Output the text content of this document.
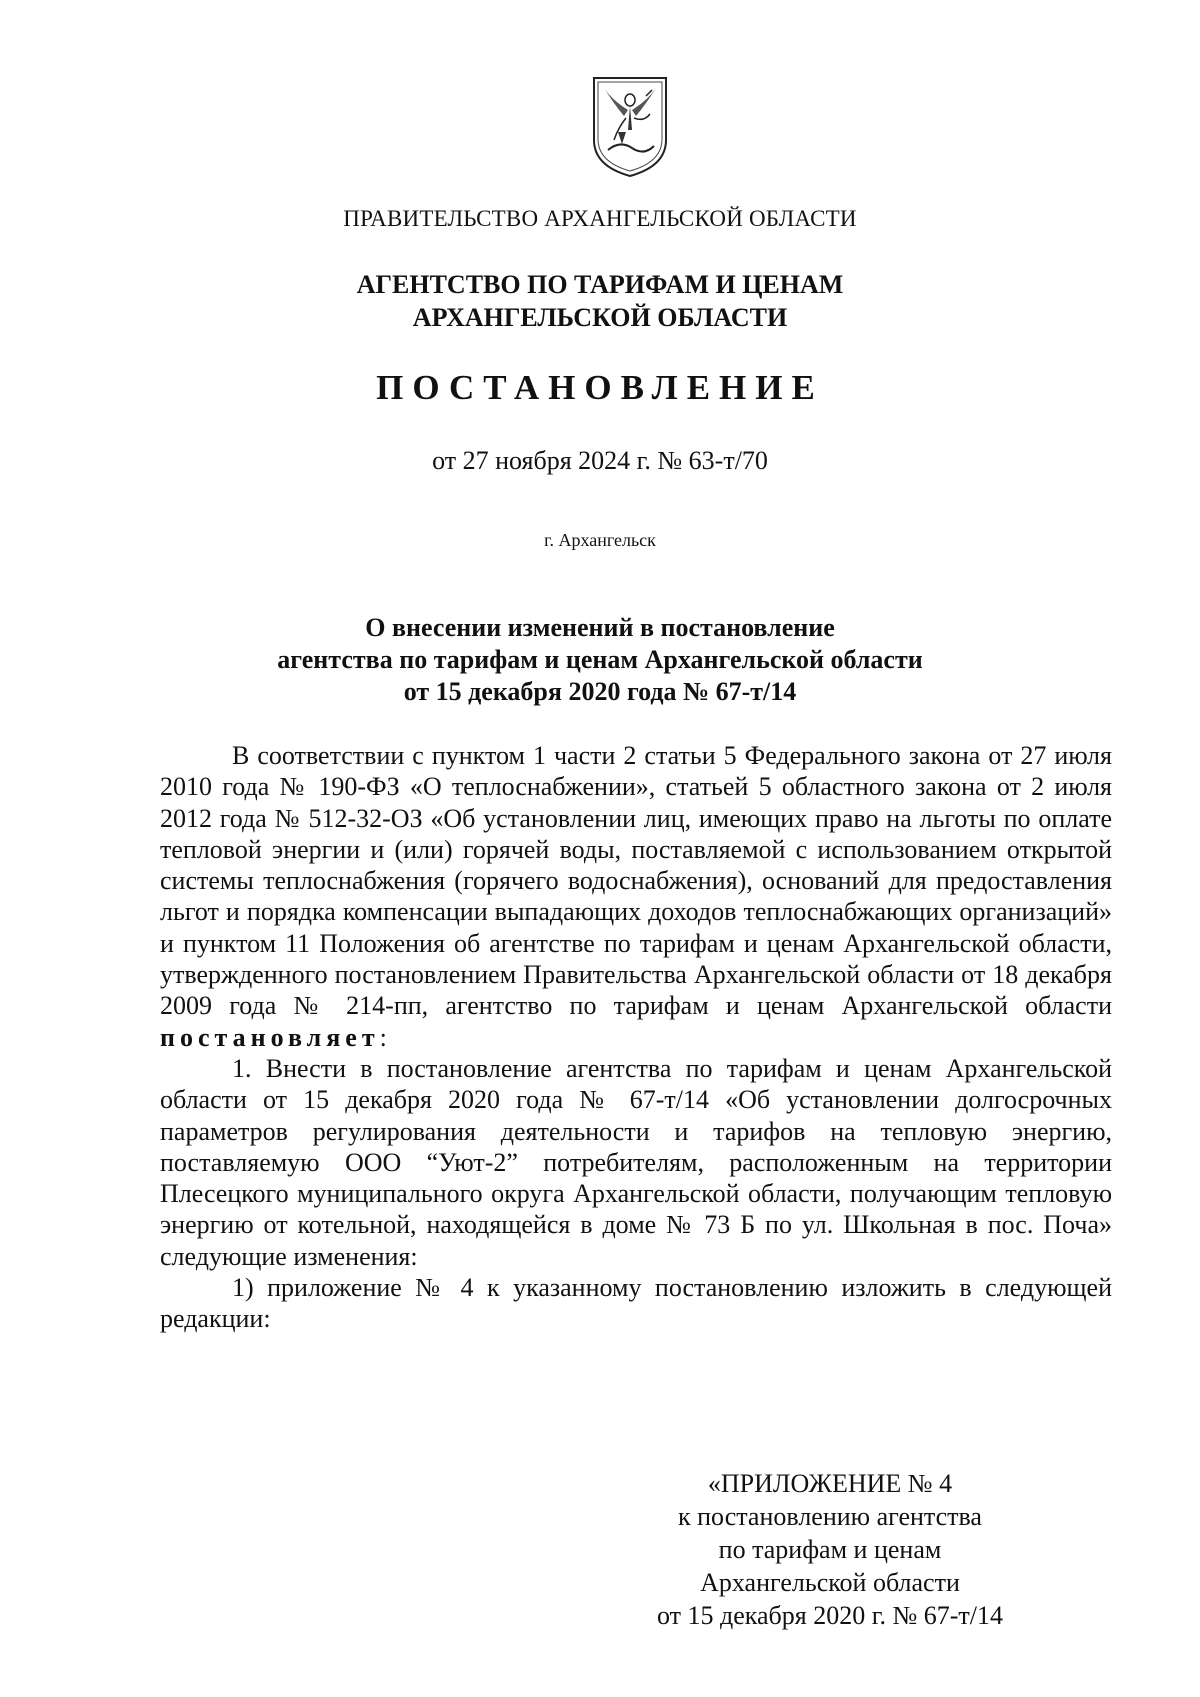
ПРАВИТЕЛЬСТВО АРХАНГЕЛЬСКОЙ ОБЛАСТИ
АГЕНТСТВО ПО ТАРИФАМ И ЦЕНАМ
АРХАНГЕЛЬСКОЙ ОБЛАСТИ
ПОСТАНОВЛЕНИЕ
от 27 ноября 2024 г. № 63-т/70
г. Архангельск
О внесении изменений в постановление
агентства по тарифам и ценам Архангельской области
от 15 декабря 2020 года № 67-т/14

В соответствии с пунктом 1 части 2 статьи 5 Федерального закона от 27 июля 2010 года № 190-ФЗ «О теплоснабжении», статьей 5 областного закона от 2 июля 2012 года № 512-32-ОЗ «Об установлении лиц, имеющих право на льготы по оплате тепловой энергии и (или) горячей воды, поставляемой с использованием открытой системы теплоснабжения (горячего водоснабжения), оснований для предоставления льгот и порядка компенсации выпадающих доходов теплоснабжающих организаций» и пунктом 11 Положения об агентстве по тарифам и ценам Архангельской области, утвержденного постановлением Правительства Архангельской области от 18 декабря 2009 года № 214-пп, агентство по тарифам и ценам Архангельской области постановляет:

1. Внести в постановление агентства по тарифам и ценам Архангельской области от 15 декабря 2020 года № 67-т/14 «Об установлении долгосрочных параметров регулирования деятельности и тарифов на тепловую энергию, поставляемую ООО “Уют-2” потребителям, расположенным на территории Плесецкого муниципального округа Архангельской области, получающим тепловую энергию от котельной, находящейся в доме № 73 Б по ул. Школьная в пос. Поча» следующие изменения:

1) приложение № 4 к указанному постановлению изложить в следующей редакции:

«ПРИЛОЖЕНИЕ № 4
к постановлению агентства
по тарифам и ценам
Архангельской области
от 15 декабря 2020 г. № 67-т/14
